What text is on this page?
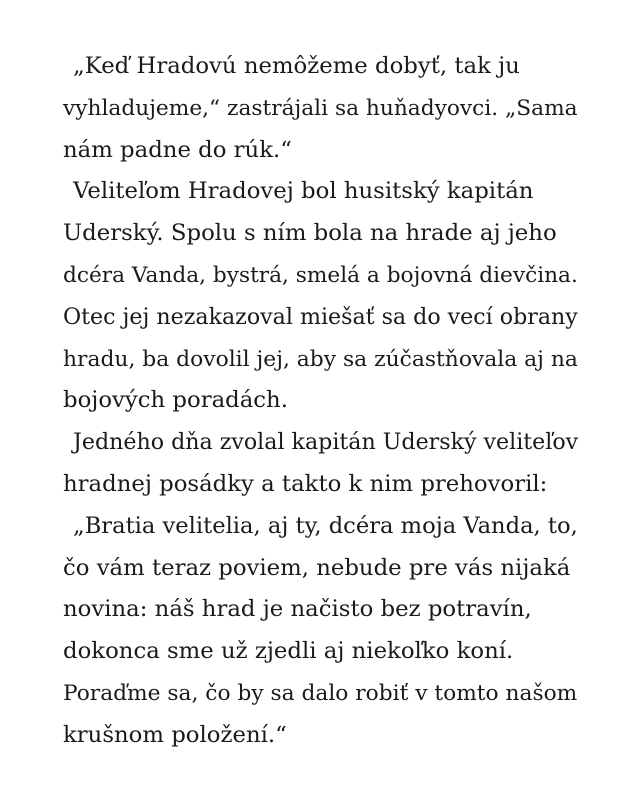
„Keď Hradovú nemôžeme dobyť, tak ju
vyhladujeme,“ zastrájali sa huňadyovci. „Sama
nám padne do rúk.“
Veliteľom Hradovej bol husitský kapitán
Uderský. Spolu s ním bola na hrade aj jeho
dcéra Vanda, bystrá, smelá a bojovná dievčina.
Otec jej nezakazoval miešať sa do vecí obrany
hradu, ba dovolil jej, aby sa zúčastňovala aj na
bojových poradách.
Jedného dňa zvolal kapitán Uderský veliteľov
hradnej posádky a takto k nim prehovoril:
„Bratia velitelia, aj ty, dcéra moja Vanda, to,
čo vám teraz poviem, nebude pre vás nijaká
novina: náš hrad je načisto bez potravín,
dokonca sme už zjedli aj niekoľko koní.
Poraďme sa, čo by sa dalo robiť v tomto našom
krušnom položení.“
